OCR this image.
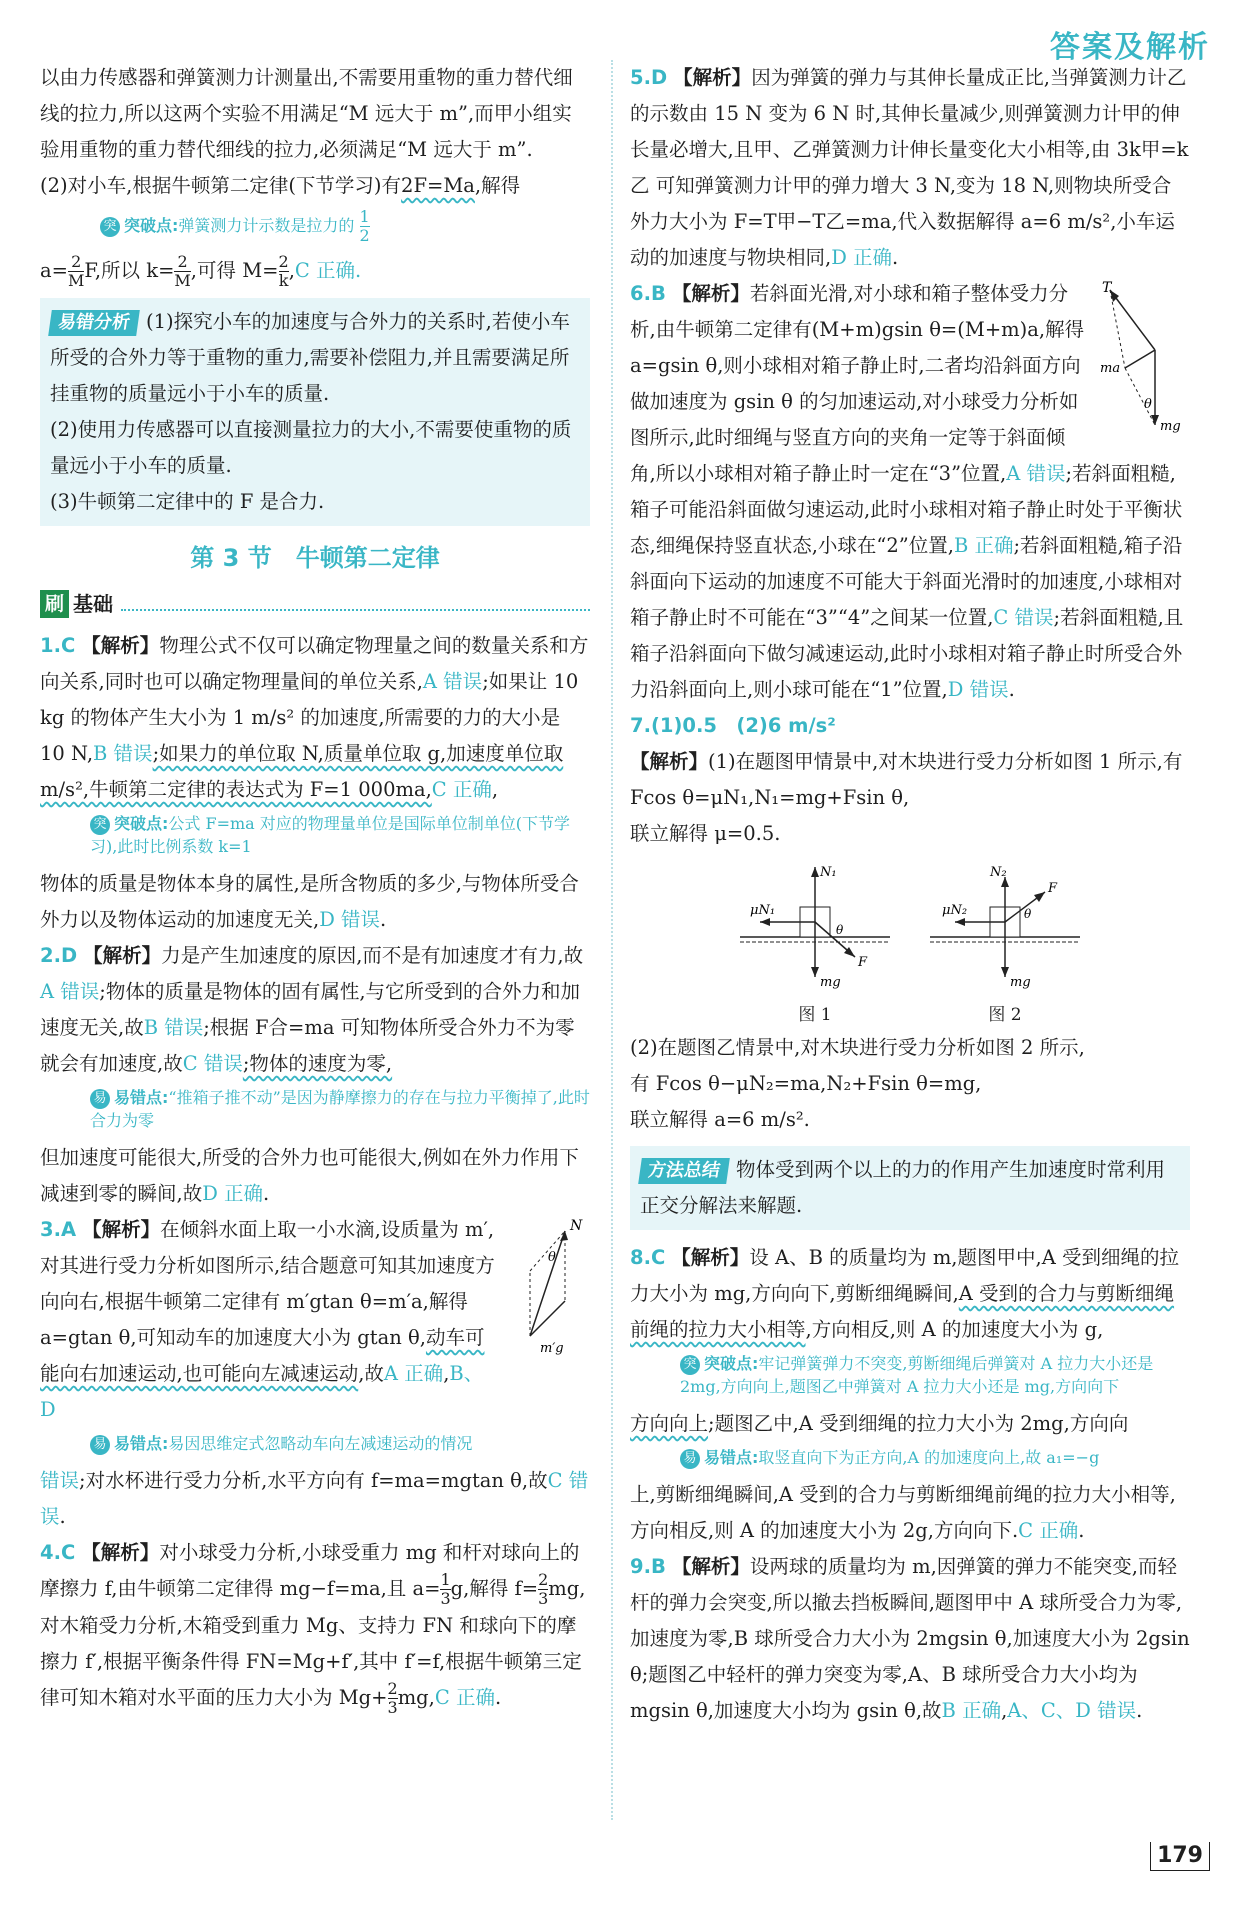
答案及解析

以由力传感器和弹簧测力计测量出,不需要用重物的重力替代细线的拉力,所以这两个实验不用满足“M 远大于 m”,而甲小组实验用重物的重力替代细线的拉力,必须满足“M 远大于 m”.

(2)对小车,根据牛顿第二定律(下节学习)有2F=Ma,解得

突 突破点:弹簧测力计示数是拉力的 $\frac{1}{2}$

$a= \frac{2}{M} F$,所以 $k= \frac{2}{M}$ ,可得 $M= \frac{2}{k} ,C$ 正确.

易错分析 (1)探究小车的加速度与合外力的关系时,若使小车所受的合外力等于重物的重力,需要补偿阻力,并且需要满足所挂重物的质量远小于小车的质量.

(2)使用力传感器可以直接测量拉力的大小,不需要使重物的质量远小于小车的质量.

(3)牛顿第二定律中的 F 是合力.

第 3 节　牛顿第二定律
刷 基础

1.C 【解析】物理公式不仅可以确定物理量之间的数量关系和方向关系,同时也可以确定物理量间的单位关系,A 错误;如果让 10 kg 的物体产生大小为 1 m/s² 的加速度,所需要的力的大小是 10 N,B 错误;如果力的单位取 N,质量单位取 g,加速度单位取 m/s²,牛顿第二定律的表达式为 F=1 000ma,C 正确,

突 突破点:公式 F=ma 对应的物理量单位是国际单位制单位(下节学习),此时比例系数 k=1

物体的质量是物体本身的属性,是所含物质的多少,与物体所受合外力以及物体运动的加速度无关,D 错误.

2.D 【解析】力是产生加速度的原因,而不是有加速度才有力,故A 错误;物体的质量是物体的固有属性,与它所受到的合外力和加速度无关,故B 错误;根据 F合=ma 可知物体所受合外力不为零就会有加速度,故C 错误;物体的速度为零,

易 易错点:“推箱子推不动”是因为静摩擦力的存在与拉力平衡掉了,此时合力为零

但加速度可能很大,所受的合外力也可能很大,例如在外力作用下减速到零的瞬间,故D 正确.

N
θ
m′g

3.A 【解析】在倾斜水面上取一小水滴,设质量为 m′,对其进行受力分析如图所示,结合题意可知其加速度方向向右,根据牛顿第二定律有 m′gtan θ=m′a,解得 a=gtan θ,可知动车的加速度大小为 gtan θ,动车可能向右加速运动,也可能向左减速运动,故A 正确,B、D

易 易错点:易因思维定式忽略动车向左减速运动的情况

错误;对水杯进行受力分析,水平方向有 f=ma=mgtan θ,故C 错误.

4.C 【解析】对小球受力分析,小球受重力 mg 和杆对球向上的摩擦力 f,由牛顿第二定律得 mg−f=ma,且 $a= \frac{1}{3} g$,解得 $f= \frac{2}{3}$ mg,对木箱受力分析,木箱受到重力 Mg、支持力 FN 和球向下的摩擦力 f′,根据平衡条件得 FN=Mg+f′,其中 f′=f,根据牛顿第三定律可知木箱对水平面的压力大小为 $Mg+ \frac{2}{3} mg,C$ 正确.

5.D 【解析】因为弹簧的弹力与其伸长量成正比,当弹簧测力计乙的示数由 15 N 变为 6 N 时,其伸长量减少,则弹簧测力计甲的伸长量必增大,且甲、乙弹簧测力计伸长量变化大小相等,由 3k甲=k乙 可知弹簧测力计甲的弹力增大 3 N,变为 18 N,则物块所受合外力大小为 F=T甲−T乙=ma,代入数据解得 a=6 m/s²,小车运动的加速度与物块相同,D 正确.

T
ma
θ
mg

6.B 【解析】若斜面光滑,对小球和箱子整体受力分析,由牛顿第二定律有(M+m)gsin θ=(M+m)a,解得 a=gsin θ,则小球相对箱子静止时,二者均沿斜面方向做加速度为 gsin θ 的匀加速运动,对小球受力分析如图所示,此时细绳与竖直方向的夹角一定等于斜面倾角,所以小球相对箱子静止时一定在“3”位置,A 错误;若斜面粗糙,箱子可能沿斜面做匀速运动,此时小球相对箱子静止时处于平衡状态,细绳保持竖直状态,小球在“2”位置,B 正确;若斜面粗糙,箱子沿斜面向下运动的加速度不可能大于斜面光滑时的加速度,小球相对箱子静止时不可能在“3”“4”之间某一位置,C 错误;若斜面粗糙,且箱子沿斜面向下做匀减速运动,此时小球相对箱子静止时所受合外力沿斜面向上,则小球可能在“1”位置,D 错误.

7.(1)0.5　(2)6 m/s²

【解析】(1)在题图甲情景中,对木块进行受力分析如图 1 所示,有 Fcos θ=μN₁,N₁=mg+Fsin θ,

联立解得 μ=0.5.

N₁
μN₁
F
θ
mg
图 1
N₂
μN₂
F
θ
mg
图 2

(2)在题图乙情景中,对木块进行受力分析如图 2 所示,

有 Fcos θ−μN₂=ma,N₂+Fsin θ=mg,

联立解得 a=6 m/s².

方法总结 物体受到两个以上的力的作用产生加速度时常利用正交分解法来解题.

8.C 【解析】设 A、B 的质量均为 m,题图甲中,A 受到细绳的拉力大小为 mg,方向向下,剪断细绳瞬间,A 受到的合力与剪断细绳前绳的拉力大小相等,方向相反,则 A 的加速度大小为 g,

突 突破点:牢记弹簧弹力不突变,剪断细绳后弹簧对 A 拉力大小还是 2mg,方向向上,题图乙中弹簧对 A 拉力大小还是 mg,方向向下

方向向上;题图乙中,A 受到细绳的拉力大小为 2mg,方向向

易 易错点:取竖直向下为正方向,A 的加速度向上,故 a₁=−g

上,剪断细绳瞬间,A 受到的合力与剪断细绳前绳的拉力大小相等,方向相反,则 A 的加速度大小为 2g,方向向下.C 正确.

9.B 【解析】设两球的质量均为 m,因弹簧的弹力不能突变,而轻杆的弹力会突变,所以撤去挡板瞬间,题图甲中 A 球所受合力为零,加速度为零,B 球所受合力大小为 2mgsin θ,加速度大小为 2gsin θ;题图乙中轻杆的弹力突变为零,A、B 球所受合力大小均为 mgsin θ,加速度大小均为 gsin θ,故B 正确,A、C、D 错误.

179
